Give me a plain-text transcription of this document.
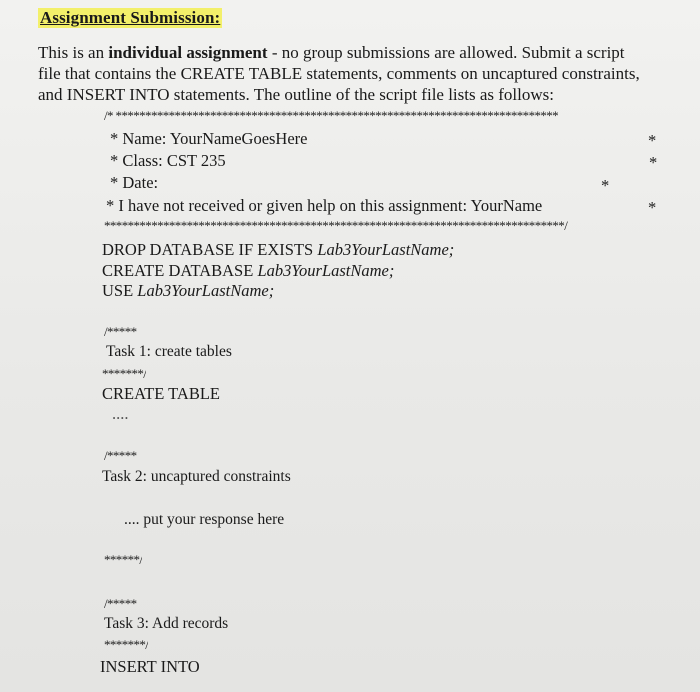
Assignment Submission:
This is an individual assignment - no group submissions are allowed. Submit a script
file that contains the CREATE TABLE statements, comments on uncaptured constraints,
and INSERT INTO statements. The outline of the script file lists as follows:
/* ***************************************************************************
* Name: YourNameGoesHere	*
* Class: CST 235	*
* Date:	*
* I have not received or given help on this assignment: YourName	*
******************************************************************************/
DROP DATABASE IF EXISTS Lab3YourLastName;
CREATE DATABASE Lab3YourLastName;
USE Lab3YourLastName;
/*****
Task 1: create tables
*******/
CREATE TABLE
....
/*****
Task 2: uncaptured constraints
.... put your response here
******/
/*****
Task 3: Add records
*******/
INSERT INTO
